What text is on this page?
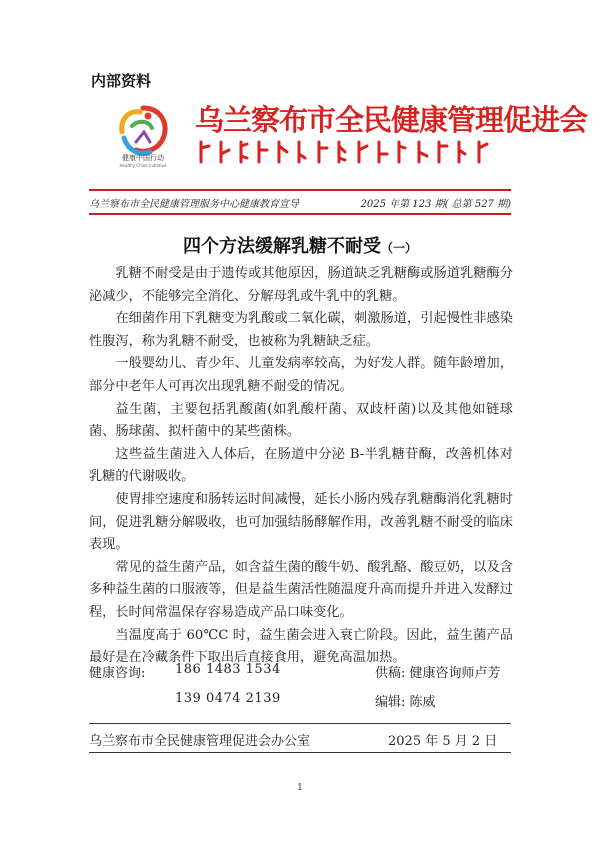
内部资料
健康中国行动
Healthy China Initiative
乌兰察布市全民健康管理促进会
乌兰察布市全民健康管理服务中心健康教育宣导	2025 年第 123 期( 总第 527 期)
四个方法缓解乳糖不耐受（一）

乳糖不耐受是由于遗传或其他原因，肠道缺乏乳糖酶或肠道乳糖酶分泌减少，不能够完全消化、分解母乳或牛乳中的乳糖。

在细菌作用下乳糖变为乳酸或二氧化碳，刺激肠道，引起慢性非感染性腹泻，称为乳糖不耐受，也被称为乳糖缺乏症。

一般婴幼儿、青少年、儿童发病率较高，为好发人群。随年龄增加，部分中老年人可再次出现乳糖不耐受的情况。

益生菌，主要包括乳酸菌(如乳酸杆菌、双歧杆菌)以及其他如链球菌、肠球菌、拟杆菌中的某些菌株。

这些益生菌进入人体后，在肠道中分泌 B-半乳糖苷酶，改善机体对乳糖的代谢吸收。

使胃排空速度和肠转运时间减慢，延长小肠内残存乳糖酶消化乳糖时间，促进乳糖分解吸收，也可加强结肠酵解作用，改善乳糖不耐受的临床表现。

常见的益生菌产品，如含益生菌的酸牛奶、酸乳酪、酸豆奶，以及含多种益生菌的口服液等，但是益生菌活性随温度升高而提升并进入发酵过程，长时间常温保存容易造成产品口味变化。

当温度高于 60℃C 时，益生菌会进入衰亡阶段。因此，益生菌产品最好是在冷藏条件下取出后直接食用，避免高温加热。

健康咨询: 186 1483 1534
139 0474 2139
供稿: 健康咨询师卢芳
编辑: 陈威
乌兰察布市全民健康管理促进会办公室	2025 年 5 月 2 日
1
